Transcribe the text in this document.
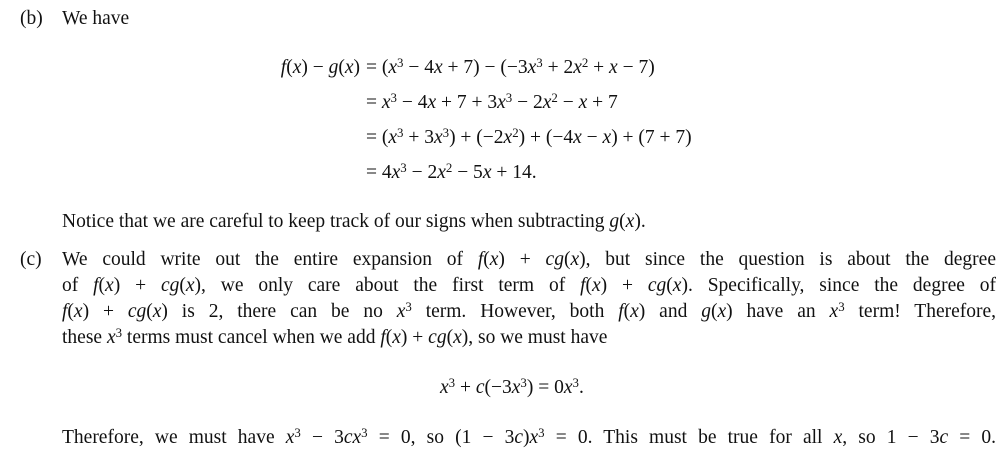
(b) We have
$f(x) - g(x) = (x^3 - 4x + 7) - (-3x^3 + 2x^2 + x - 7)$
= $x^3 - 4x + 7 + 3x^3 - 2x^2 - x + 7$
= $(x^3 + 3x^3) + (-2x^2) + (-4x - x) + (7 + 7)$
= $4x^3 - 2x^2 - 5x + 14$.
Notice that we are careful to keep track of our signs when subtracting g(x).
(c) We could write out the entire expansion of f(x) + cg(x), but since the question is about the degree
of f(x) + cg(x), we only care about the first term of f(x) + cg(x). Specifically, since the degree of
f(x) + cg(x) is 2, there can be no $x^3$ term. However, both f(x) and g(x) have an $x^3$ term! Therefore,
these $x^3$ terms must cancel when we add f(x) + cg(x), so we must have
$x^3 + c(-3x^3) = 0x^3$.
Therefore, we must have $x^3 - 3cx^3 = 0$, so $(1 - 3c)x^3 = 0$. This must be true for all x, so 1 − 3c = 0.
